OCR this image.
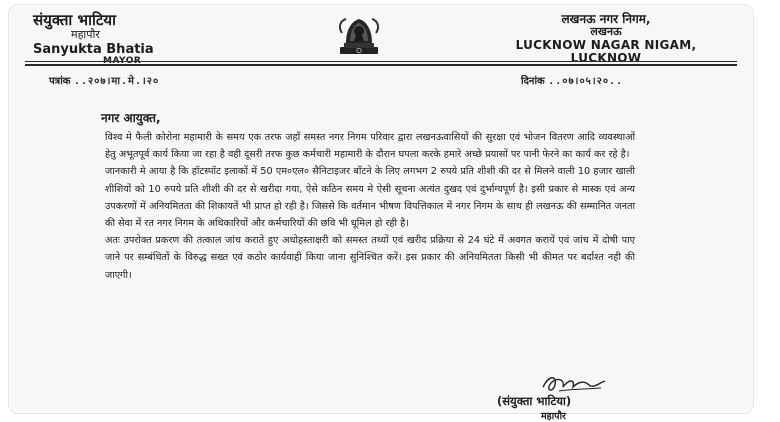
संयुक्ता भाटिया
महापौर
Sanyukta Bhatia
MAYOR
लखनऊ नगर निगम,
लखनऊ
LUCKNOW NAGAR NIGAM,
LUCKNOW
पत्रांक ..२०७।मा.मे.।२०	दिनांक ..०७।०५।२०..
नगर आयुक्त,

विश्व मे फैली कोरोना महामारी के समय एक तरफ जहाँ समस्त नगर निगम परिवार द्वारा लखनऊवासियों की सुरक्षा एवं भोजन वितरण आदि व्यवस्थाओं हेतु अभूतपूर्व कार्य किया जा रहा है वही दूसरी तरफ कुछ कर्मचारी महामारी के दौरान घपला करके हमारे अच्छे प्रयासों पर पानी फेरने का कार्य कर रहे है।

जानकारी मे आया है कि हॉटस्पॉट इलाकों में 50 एम०एल० सैनिटाइजर बाँटने के लिए लगभग 2 रुपये प्रति शीशी की दर से मिलने वाली 10 हजार खाली शीशियों को 10 रुपये प्रति शीशी की दर से खरीदा गया, ऐसे कठिन समय मे ऐसी सूचना अत्यंत दुखद एवं दुर्भाग्यपूर्ण है। इसी प्रकार से मास्क एवं अन्य उपकरणों में अनियमितता की शिकायतें भी प्राप्त हो रही है। जिससे कि वर्तमान भीषण विपत्तिकाल में नगर निगम के साथ ही लखनऊ की सम्मानित जनता की सेवा में रत नगर निगम के अधिकारियों और कर्मचारियों की छवि भी धूमिल हो रही है।

अतः उपरोक्त प्रकरण की तत्काल जांच कराते हुए अधोहस्ताक्षरी को समस्त तथ्यों एवं खरीद प्रक्रिया से 24 घंटे में अवगत करायें एवं जांच में दोषी पाए जाने पर सम्बंधितों के विरुद्ध सख्त एवं कठोर कार्यवाही किया जाना सुनिश्चित करें। इस प्रकार की अनियमितता किसी भी कीमत पर बर्दाश्त नही की जाएगी।

(संयुक्ता भाटिया)
महापौर
